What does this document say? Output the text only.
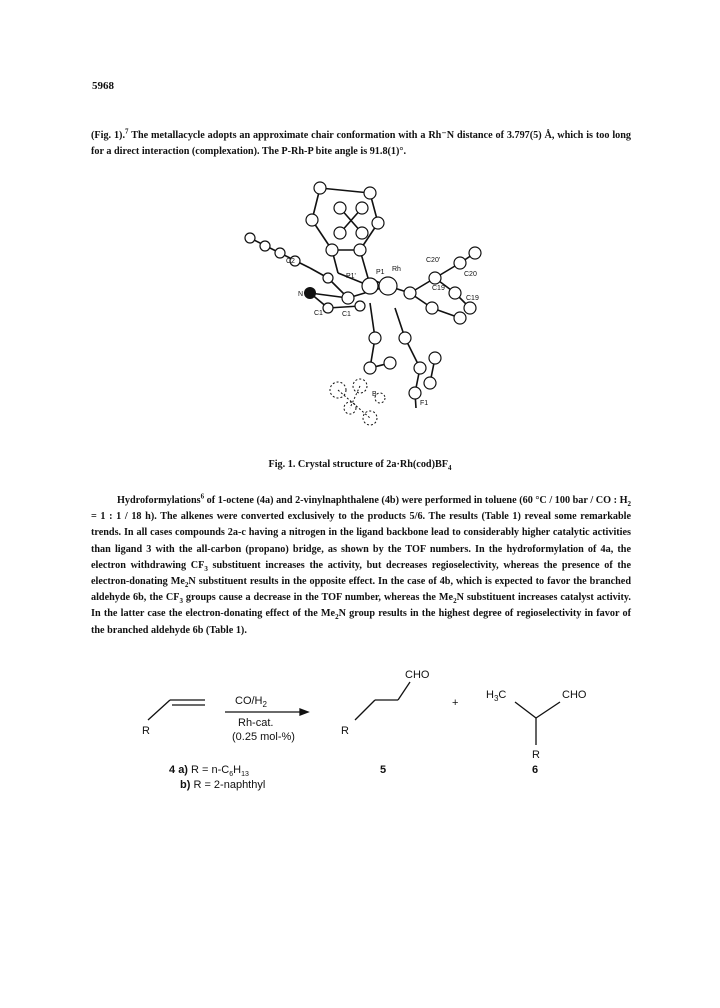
5968

(Fig. 1).$^7$ The metallacycle adopts an approximate chair conformation with a Rh⁻N distance of 3.797(5) Å, which is too long for a direct interaction (complexation). The P-Rh-P bite angle is 91.8(1)°.

C2
P1'
P1 Rh
C20'
C20
C19'
C19
N
C1'	C1
F1
B
Fig. 1. Crystal structure of $2a\cdot Rh(cod)BF_4$

Hydroformylations$^6$ of 1-octene (4a) and 2-vinylnaphthalene (4b) were performed in toluene (60 °C / 100 bar / CO : $H_2 = 1$ : 1 / 18 h). The alkenes were converted exclusively to the products 5/6. The results (Table 1) reveal some remarkable trends. In all cases compounds 2a-c having a nitrogen in the ligand backbone lead to considerably higher catalytic activities than ligand 3 with the all-carbon (propano) bridge, as shown by the TOF numbers. In the hydroformylation of 4a, the electron withdrawing $CF_3$ substituent increases the activity, but decreases regioselectivity, whereas the presence of the electron-donating $Me_2N$ substituent results in the opposite effect. In the case of 4b, which is expected to favor the branched aldehyde 6b, the $CF_3$ groups cause a decrease in the TOF number, whereas the $Me_2N$ substituent increases catalyst activity. In the latter case the electron-donating effect of the $Me_2N$ group results in the highest degree of regioselectivity in favor of the branched aldehyde 6b (Table 1).

R
$CO/H_2$
Rh-cat.
(0.25 mol-%)	R
CHO
+
$H_3C$	CHO
R
4 a) $R = n-C_6H_{13}$
b) R = 2-naphthyl
5	6
